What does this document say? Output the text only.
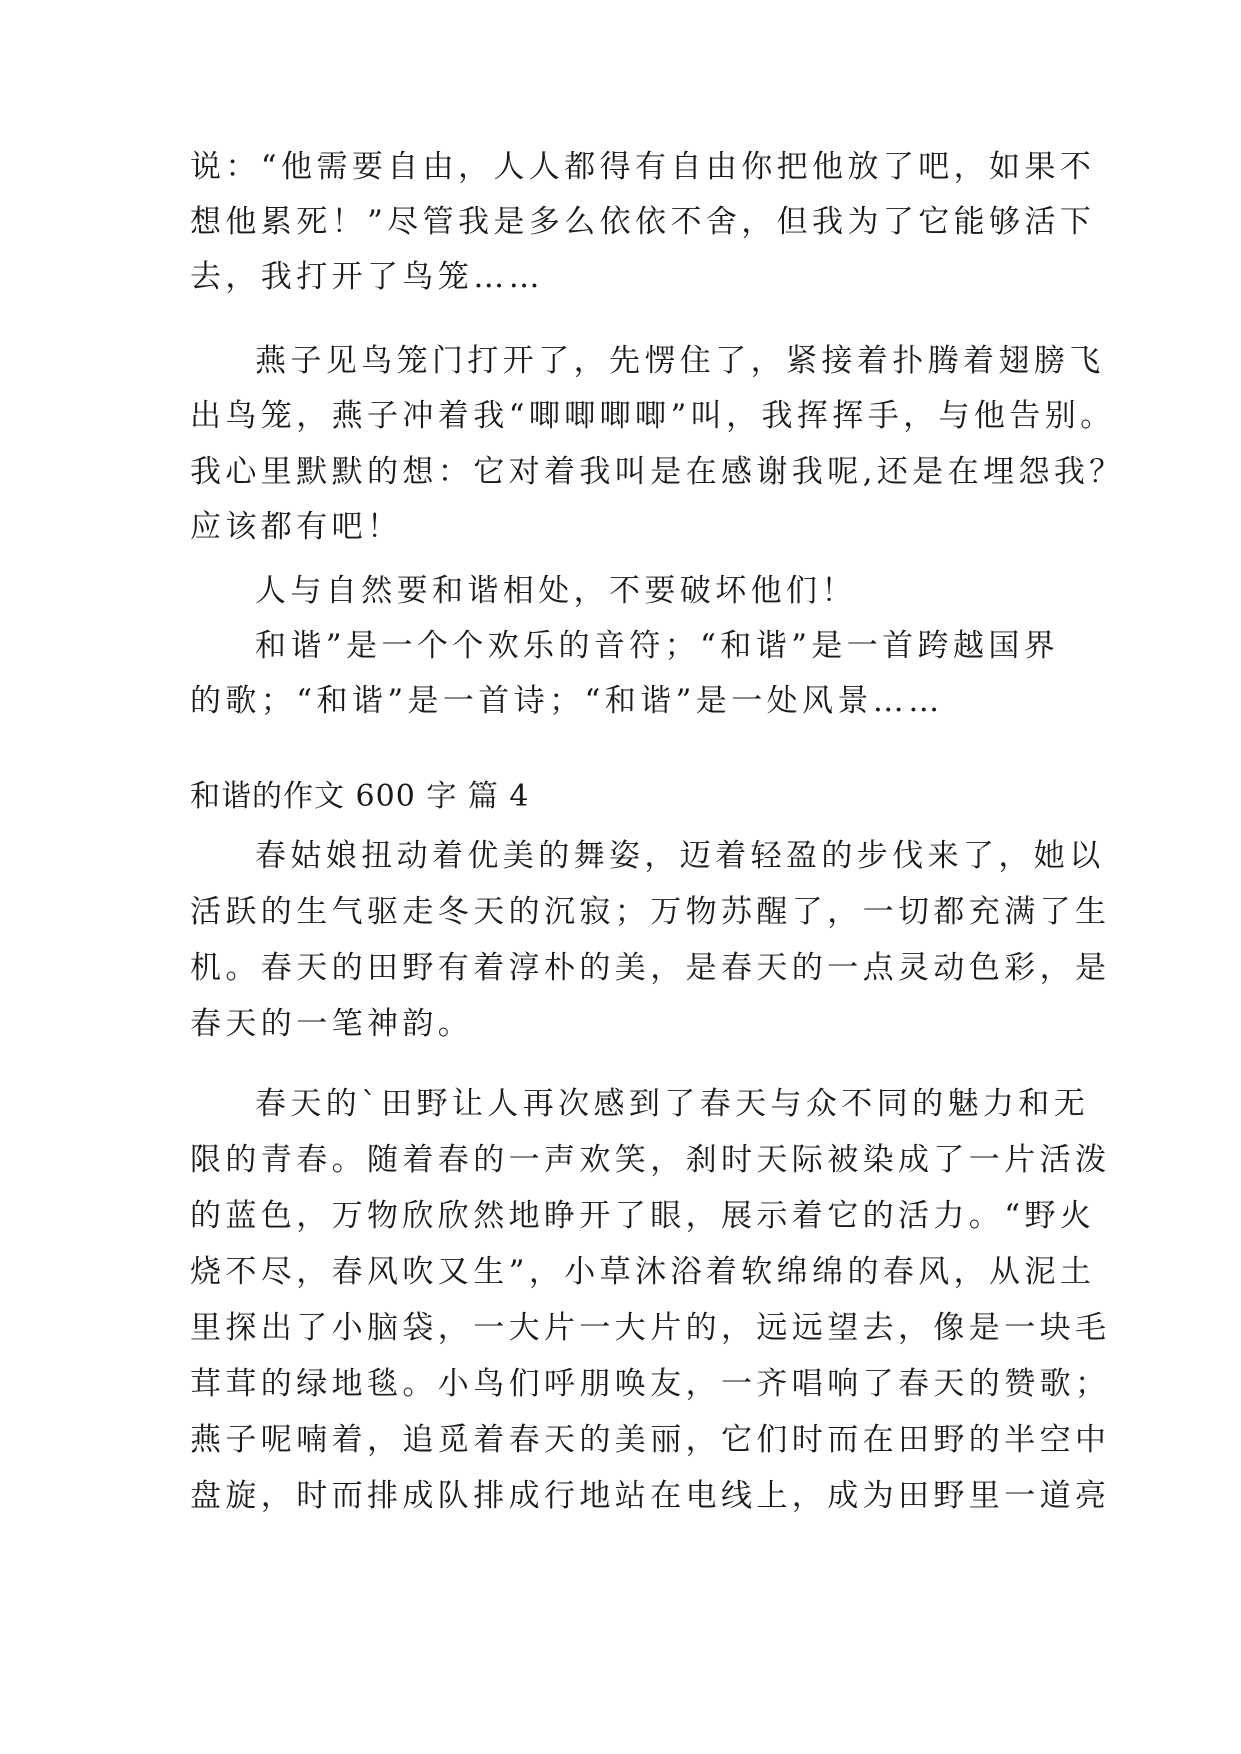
说：“他需要自由，人人都得有自由你把他放了吧，如果不
想他累死！”尽管我是多么依依不舍，但我为了它能够活下
去，我打开了鸟笼……
燕子见鸟笼门打开了，先愣住了，紧接着扑腾着翅膀飞
出鸟笼，燕子冲着我“唧唧唧唧”叫，我挥挥手，与他告别。
我心里默默的想：它对着我叫是在感谢我呢,还是在埋怨我？
应该都有吧！
人与自然要和谐相处，不要破坏他们！
和谐”是一个个欢乐的音符；“和谐”是一首跨越国界
的歌；“和谐”是一首诗；“和谐”是一处风景……
和谐的作文 600 字 篇 4
春姑娘扭动着优美的舞姿，迈着轻盈的步伐来了，她以
活跃的生气驱走冬天的沉寂；万物苏醒了，一切都充满了生
机。春天的田野有着淳朴的美，是春天的一点灵动色彩，是
春天的一笔神韵。
春天的`田野让人再次感到了春天与众不同的魅力和无
限的青春。随着春的一声欢笑，刹时天际被染成了一片活泼
的蓝色，万物欣欣然地睁开了眼，展示着它的活力。“野火
烧不尽，春风吹又生”，小草沐浴着软绵绵的春风，从泥土
里探出了小脑袋，一大片一大片的，远远望去，像是一块毛
茸茸的绿地毯。小鸟们呼朋唤友，一齐唱响了春天的赞歌；
燕子呢喃着，追觅着春天的美丽，它们时而在田野的半空中
盘旋，时而排成队排成行地站在电线上，成为田野里一道亮
